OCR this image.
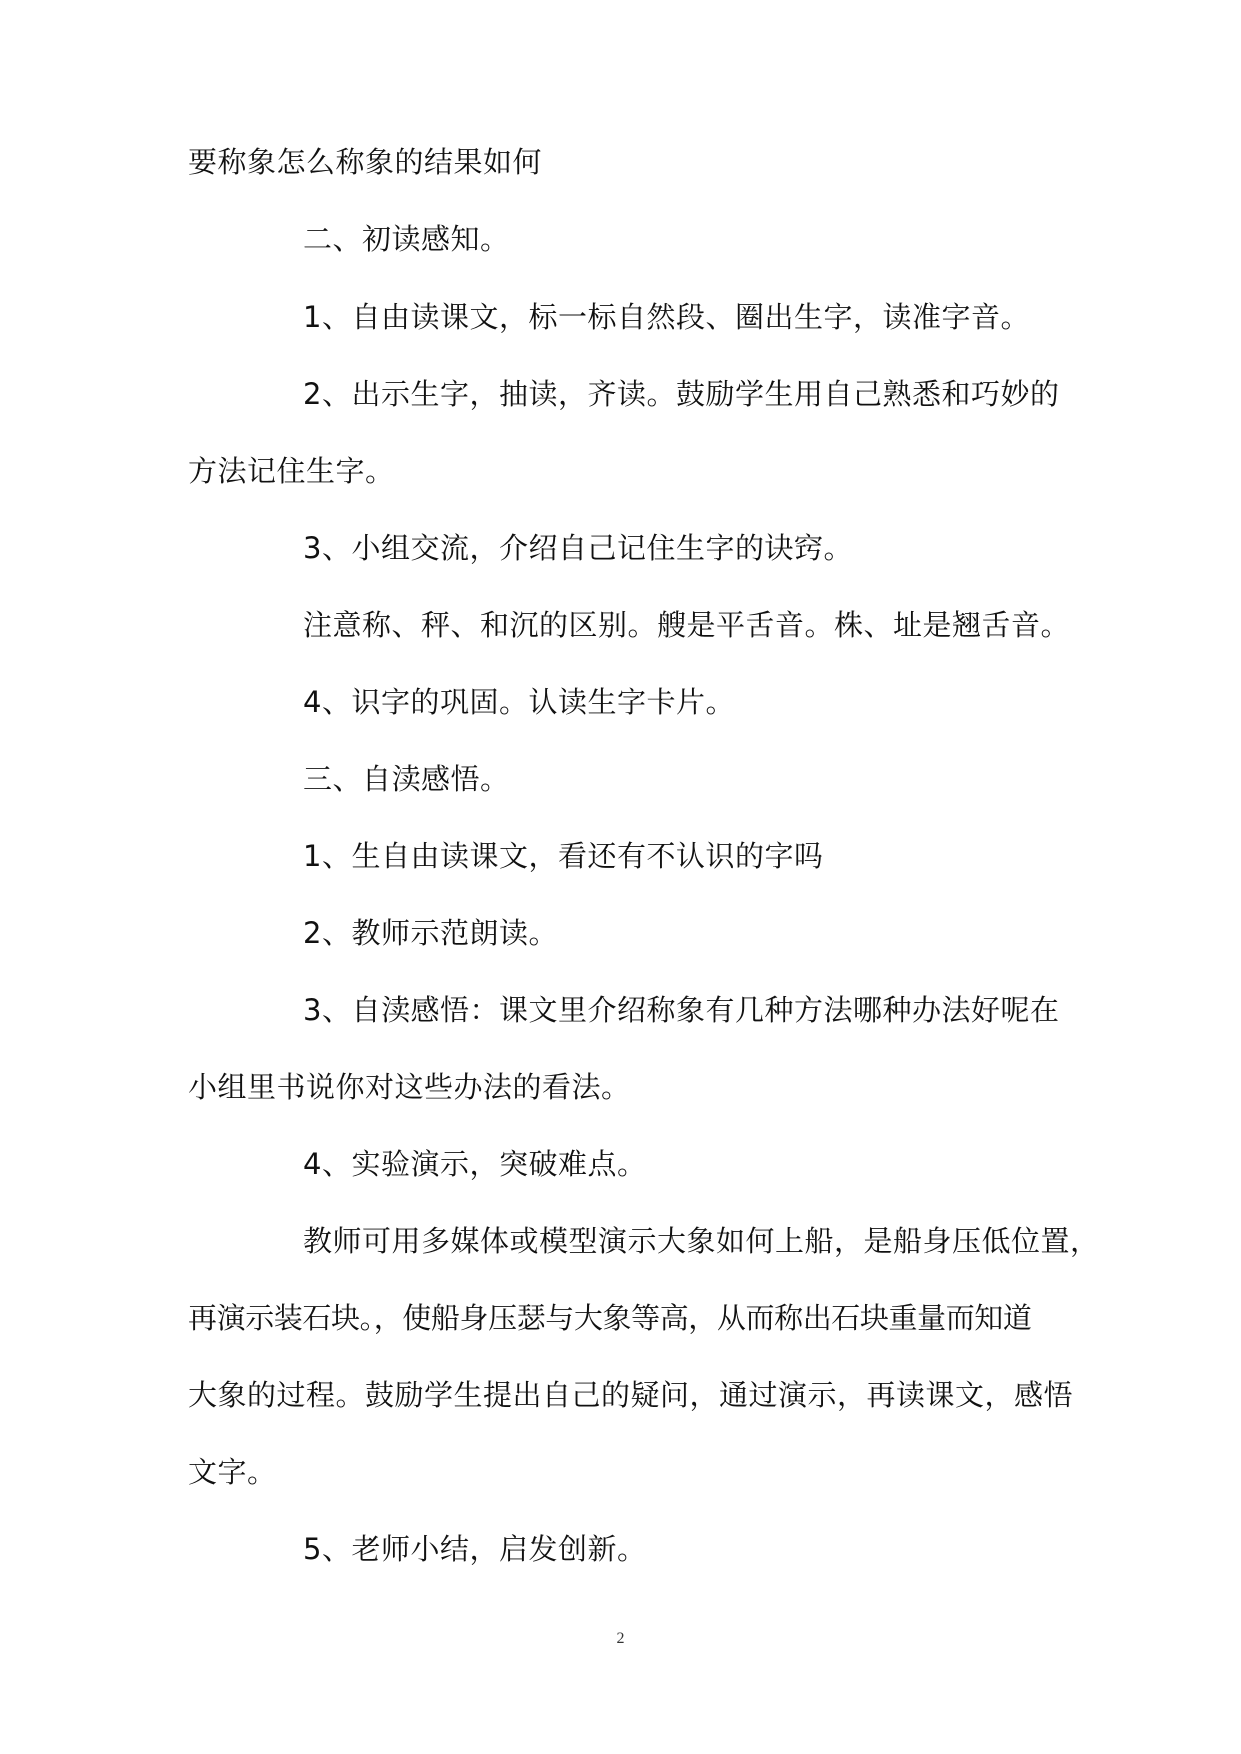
要称象怎么称象的结果如何
二、初读感知。
1、自由读课文，标一标自然段、圈出生字，读准字音。
2、出示生字，抽读，齐读。鼓励学生用自己熟悉和巧妙的
方法记住生字。
3、小组交流，介绍自己记住生字的诀窍。
注意称、秤、和沉的区别。艘是平舌音。株、址是翘舌音。
4、识字的巩固。认读生字卡片。
三、自渎感悟。
1、生自由读课文，看还有不认识的字吗
2、教师示范朗读。
3、自渎感悟：课文里介绍称象有几种方法哪种办法好呢在
小组里书说你对这些办法的看法。
4、实验演示，突破难点。
教师可用多媒体或模型演示大象如何上船，是船身压低位置，
再演示装石块。，使船身压瑟与大象等高，从而称出石块重量而知道
大象的过程。鼓励学生提出自己的疑问，通过演示，再读课文，感悟
文字。
5、老师小结，启发创新。
2
